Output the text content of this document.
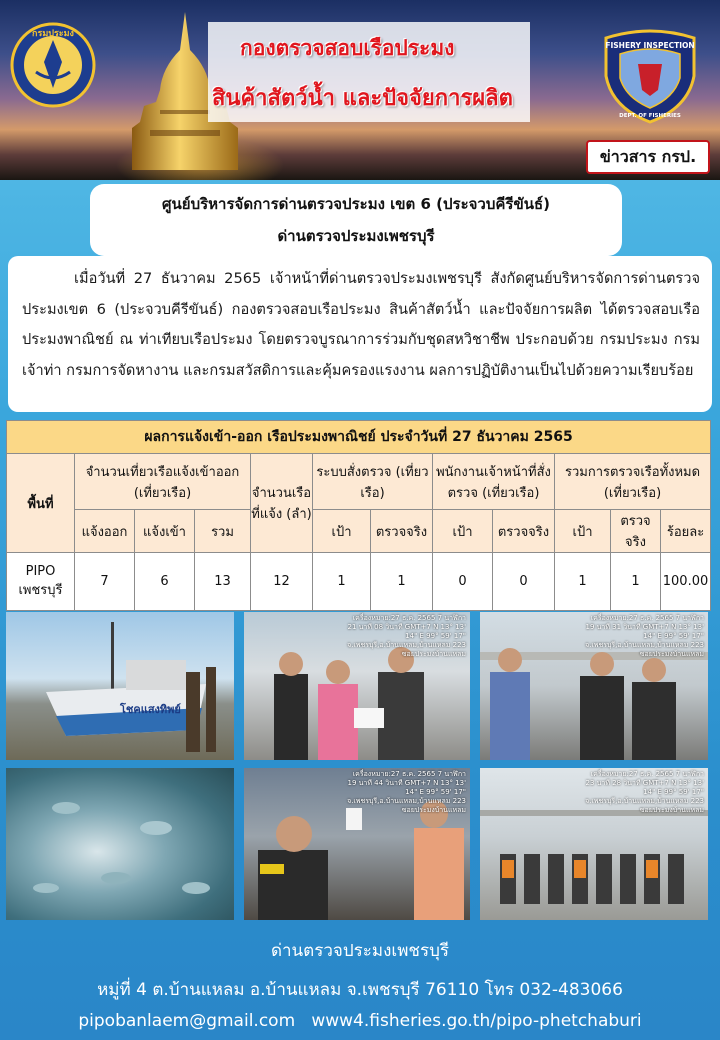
กองตรวจสอบเรือประมง
สินค้าสัตว์น้ำ และปัจจัยการผลิต
กรมประมง
FISHERY INSPECTION
DEPT. OF FISHERIES
ข่าวสาร กรป.
ศูนย์บริหารจัดการด่านตรวจประมง เขต 6 (ประจวบคีรีขันธ์)
ด่านตรวจประมงเพชรบุรี
เมื่อวันที่ 27 ธันวาคม 2565 เจ้าหน้าที่ด่านตรวจประมงเพชรบุรี สังกัดศูนย์บริหารจัดการด่านตรวจประมงเขต 6 (ประจวบคีรีขันธ์) กองตรวจสอบเรือประมง สินค้าสัตว์น้ำ และปัจจัยการผลิต ได้ตรวจสอบเรือประมงพาณิชย์ ณ ท่าเทียบเรือประมง โดยตรวจบูรณาการร่วมกับชุดสหวิชาชีพ ประกอบด้วย กรมประมง กรมเจ้าท่า กรมการจัดหางาน และกรมสวัสดิการและคุ้มครองแรงงาน ผลการปฏิบัติงานเป็นไปด้วยความเรียบร้อย
ผลการแจ้งเข้า-ออก เรือประมงพาณิชย์ ประจำวันที่ 27 ธันวาคม 2565											
พื้นที่	จำนวนเที่ยวเรือแจ้งเข้าออก (เที่ยวเรือ)			จำนวนเรือที่แจ้ง (ลำ)	ระบบสั่งตรวจ (เที่ยวเรือ)		พนักงานเจ้าหน้าที่สั่งตรวจ (เที่ยวเรือ)		รวมการตรวจเรือทั้งหมด (เที่ยวเรือ)		
	แจ้งออก	แจ้งเข้า	รวม		เป้า	ตรวจจริง	เป้า	ตรวจจริง	เป้า	ตรวจจริง	ร้อยละ
PIPO เพชรบุรี	7	6	13	12	1	1	0	0	1	1	100.00
โชคแสงทิพย์
เครื่องหมาย:27 ธ.ค. 2565 7 นาฬิกา 21 นาที 08 วินาที GMT+7 N 13° 13' 14" E 99° 59' 17" จ.เพชรบุรี,อ.บ้านแหลม,บ้านแหลม 223 ซอยประมงบ้านแหลม
เครื่องหมาย:27 ธ.ค. 2565 7 นาฬิกา 19 นาที 31 วินาที GMT+7 N 13° 13' 14" E 99° 59' 17" จ.เพชรบุรี,อ.บ้านแหลม,บ้านแหลม 223 ซอยประมงบ้านแหลม
เครื่องหมาย:27 ธ.ค. 2565 7 นาฬิกา 19 นาที 44 วินาที GMT+7 N 13° 13' 14" E 99° 59' 17" จ.เพชรบุรี,อ.บ้านแหลม,บ้านแหลม 223 ซอยประมงบ้านแหลม
เครื่องหมาย:27 ธ.ค. 2565 7 นาฬิกา 23 นาที 28 วินาที GMT+7 N 13° 13' 14" E 99° 59' 17" จ.เพชรบุรี,อ.บ้านแหลม,บ้านแหลม 223 ซอยประมงบ้านแหลม
ด่านตรวจประมงเพชรบุรี
หมู่ที่ 4 ต.บ้านแหลม อ.บ้านแหลม จ.เพชรบุรี 76110 โทร 032-483066
pipobanlaem@gmail.com   www4.fisheries.go.th/pipo-phetchaburi
